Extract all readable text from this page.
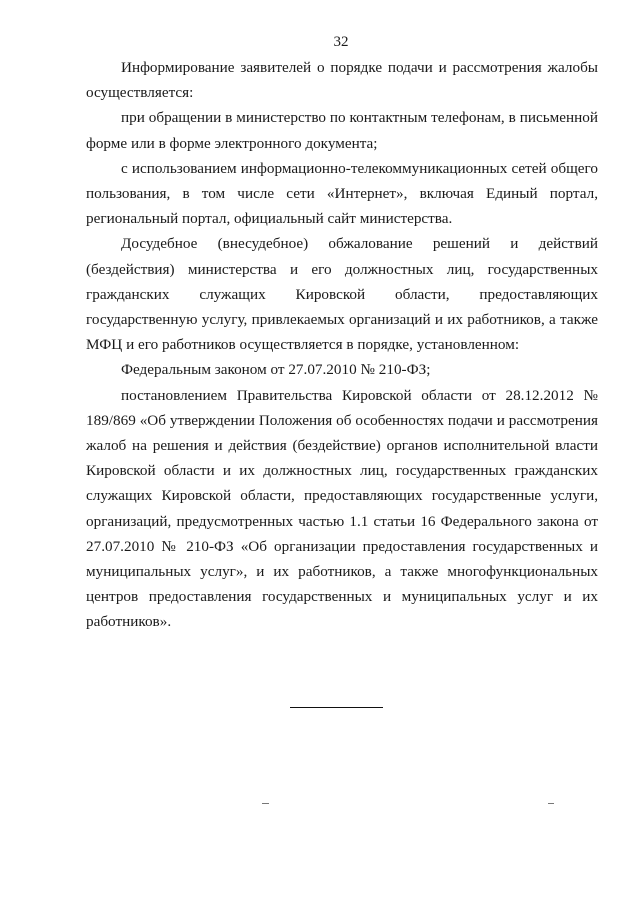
32

Информирование заявителей о порядке подачи и рассмотрения жалобы осуществляется:

при обращении в министерство по контактным телефонам, в письменной форме или в форме электронного документа;

с использованием информационно-телекоммуникационных сетей общего пользования, в том числе сети «Интернет», включая Единый портал, региональный портал, официальный сайт министерства.

Досудебное (внесудебное) обжалование решений и действий (бездействия) министерства и его должностных лиц, государственных гражданских служащих Кировской области, предоставляющих государственную услугу, привлекаемых организаций и их работников, а также МФЦ и его работников осуществляется в порядке, установленном:

Федеральным законом от 27.07.2010 № 210-ФЗ;

постановлением Правительства Кировской области от 28.12.2012 № 189/869 «Об утверждении Положения об особенностях подачи и рассмотрения жалоб на решения и действия (бездействие) органов исполнительной власти Кировской области и их должностных лиц, государственных гражданских служащих Кировской области, предоставляющих государственные услуги, организаций, предусмотренных частью 1.1 статьи 16 Федерального закона от 27.07.2010 № 210-ФЗ «Об организации предоставления государственных и муниципальных услуг», и их работников, а также многофункциональных центров предоставления государственных и муниципальных услуг и их работников».
